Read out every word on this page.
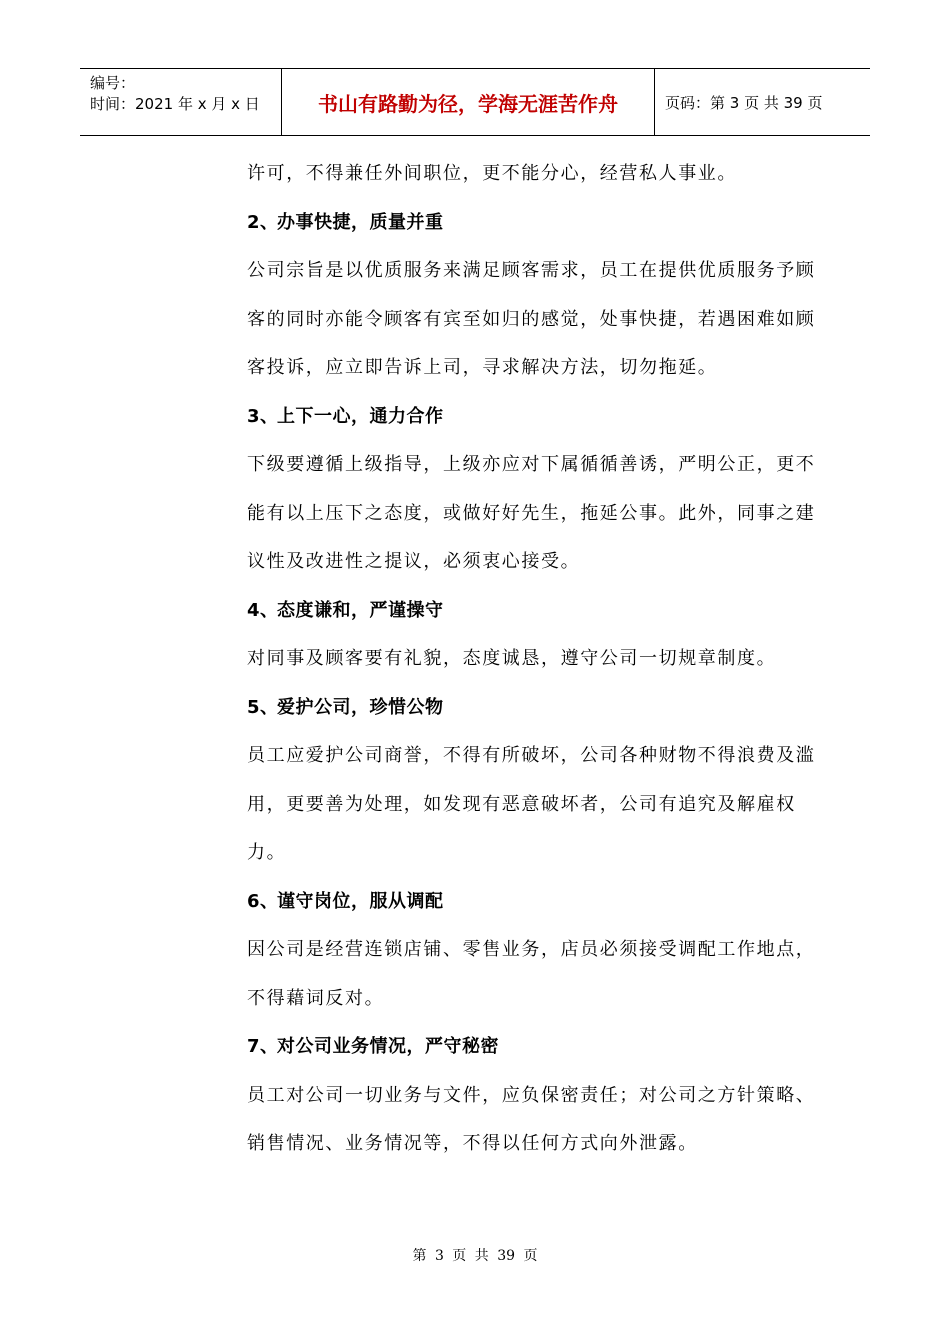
编号：
时间：2021 年 x 月 x 日	书山有路勤为径，学海无涯苦作舟	页码：第 3 页 共 39 页

许可，不得兼任外间职位，更不能分心，经营私人事业。

2、办事快捷，质量并重

公司宗旨是以优质服务来满足顾客需求，员工在提供优质服务予顾

客的同时亦能令顾客有宾至如归的感觉，处事快捷，若遇困难如顾

客投诉，应立即告诉上司，寻求解决方法，切勿拖延。

3、上下一心，通力合作

下级要遵循上级指导，上级亦应对下属循循善诱，严明公正，更不

能有以上压下之态度，或做好好先生，拖延公事。此外，同事之建

议性及改进性之提议，必须衷心接受。

4、态度谦和，严谨操守

对同事及顾客要有礼貌，态度诚恳，遵守公司一切规章制度。

5、爱护公司，珍惜公物

员工应爱护公司商誉，不得有所破坏，公司各种财物不得浪费及滥

用，更要善为处理，如发现有恶意破坏者，公司有追究及解雇权力。

6、谨守岗位，服从调配

因公司是经营连锁店铺、零售业务，店员必须接受调配工作地点，

不得藉词反对。

7、对公司业务情况，严守秘密

员工对公司一切业务与文件，应负保密责任；对公司之方针策略、

销售情况、业务情况等，不得以任何方式向外泄露。

第 3 页 共 39 页
